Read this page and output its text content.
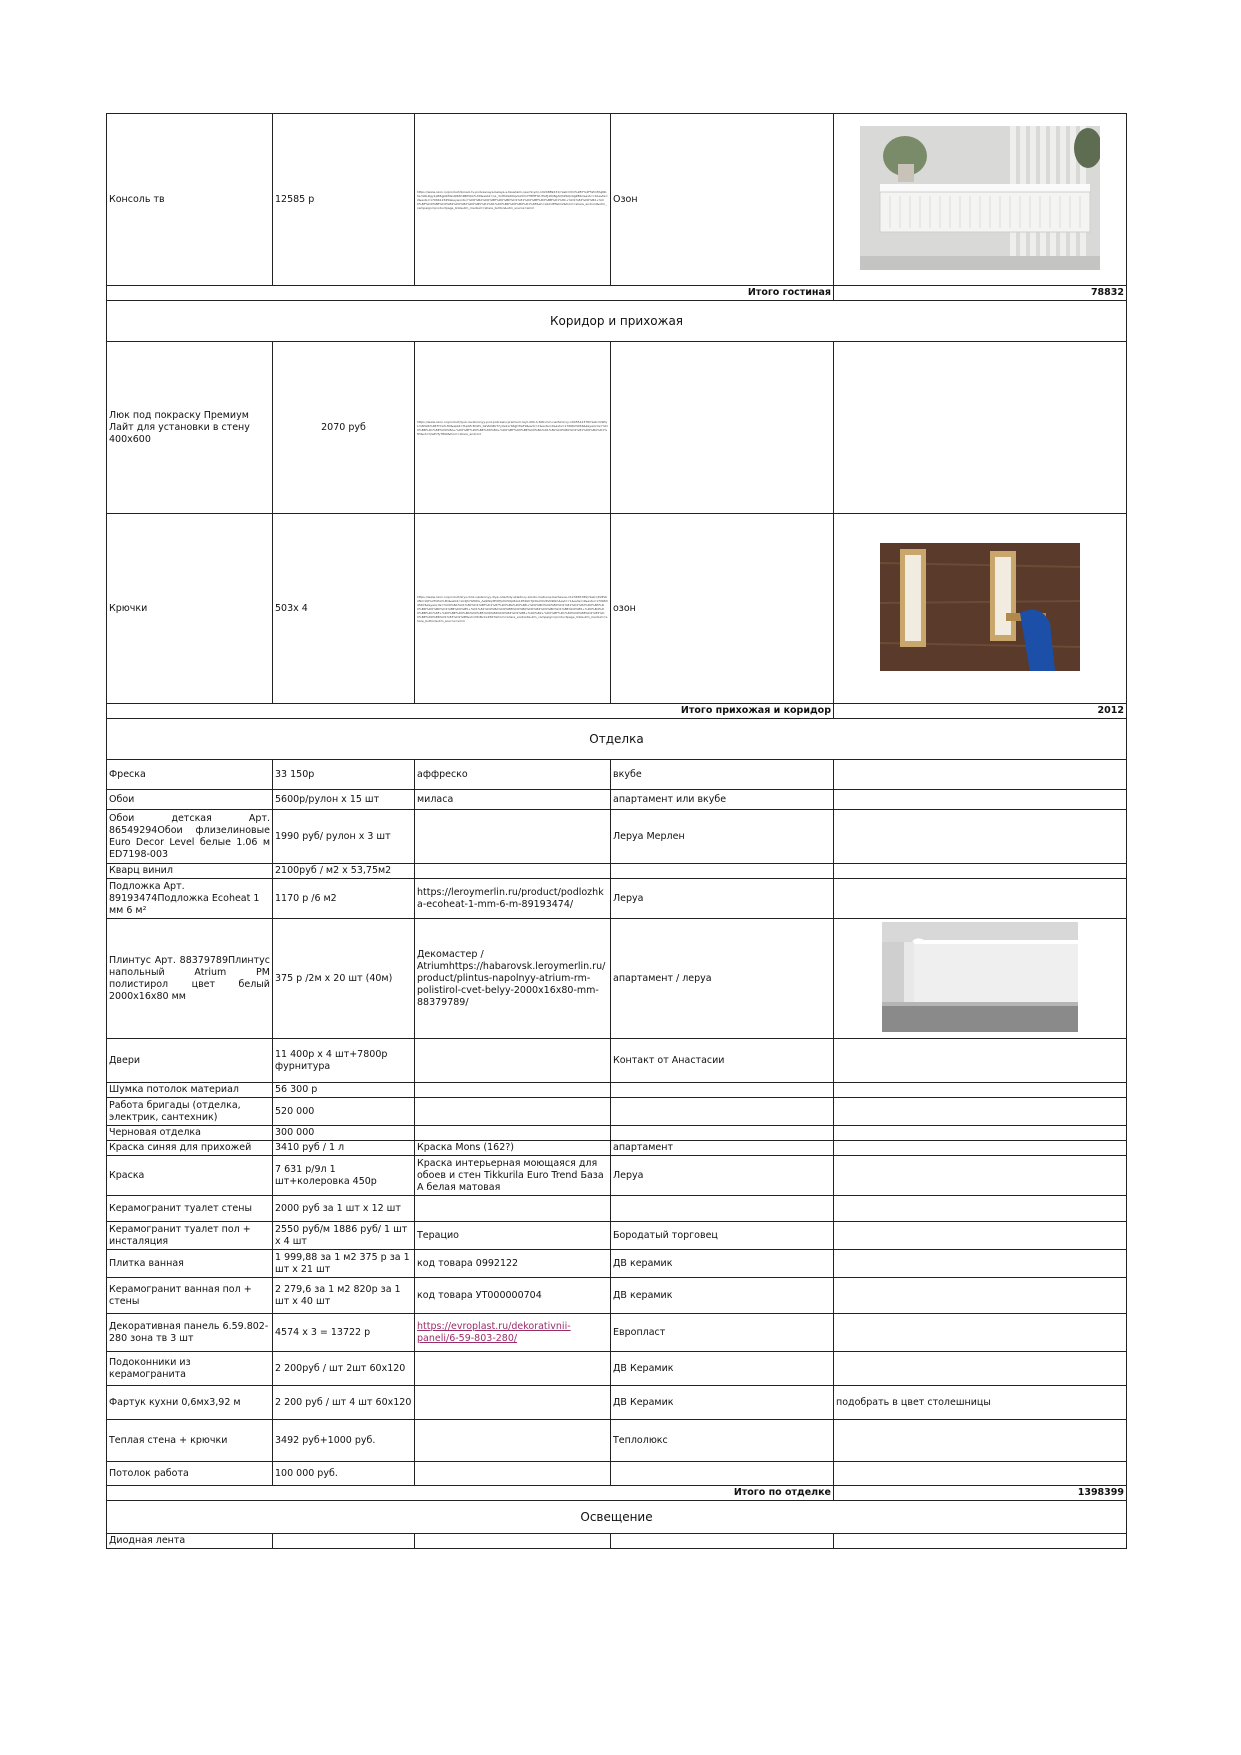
Консоль тв	12585 р	https://www.ozon.ru/product/konsol-tv-podvesnaya-belaya-s-fasadami-reechnymi-1024889231/?asb=Dm%2B7%2F5ZmFAqNbSLm0lLRgy1pB3gp6iMsxQ8ZC4BPVbk%3D&asb2=nL_3xHh0aD9qvG2Xm7HtHfHxU7kZJ1tQ8gAQhZbQx0gZ8Kc&avtc=1&avte=2&avts=1706612345&keywords=%D0%BA%D0%BE%D0%BD%D1%81%D0%BE%D0%BB%D1%8C+%D1%82%D0%B2+%D0%BF%D0%BE%D0%B4%D0%B2%D0%B5%D1%81%D0%BD%D0%B0%D1%8F&sh=AbCdEfGh12&from=share_android&utm_campaign=productpage_link&utm_medium=share_button&utm_source=smm	Озон	
Итого гостиная				78832
Коридор и прихожая				
Люк под покраску Премиум Лайт для установки в стену 400х600	2070 руб	https://www.ozon.ru/product/lyuk-revizionnyy-pod-pokrasku-premium-layt-400-h-600-mm-nazhimnoy-1045512378/?asb=k9PqLmN3xR%2B7tYw%3D&asb2=Hq2Zc8mPx_0aVbN4kT7yUe1LrS6gD3wF9&avtc=1&avte=2&avts=1706623456&keywords=%D0%BB%D1%8E%D0%BA+%D0%BF%D0%BE%D0%B4+%D0%BF%D0%BE%D0%BA%D1%80%D0%B0%D1%81%D0%BA%D1%83&sh=QwErTy7890&from=share_android		
Крючки	503х 4	https://www.ozon.ru/product/kryuchok-nastennyy-dlya-odezhdy-skladnoy-zoloto-matovoe-bezhevoe-1123456789/?asb=Zx8Vb2Nm1Ql%2FoPw%3D&asb2=Lk4Jh7Gf0Ds_Ae9Wq3Er6Ty2Ui5Op8As1Df4Gh7Jk0Lz3Xc6Vb9Nm&avtc=1&avte=4&avts=1706634567&keywords=%D0%BA%D1%80%D1%8E%D1%87%D0%BA%D0%B8+%D0%BD%D0%B0%D1%81%D1%82%D0%B5%D0%BD%D0%BD%D1%8B%D0%B5+%D1%81%D0%BA%D0%BB%D0%B0%D0%B4%D0%BD%D1%8B%D0%B5+%D0%B4%D0%BB%D1%8F+%D0%BE%D0%B4%D0%B5%D0%B6%D0%B4%D1%8B+%D0%B2+%D0%BF%D1%80%D0%B8%D1%85%D0%BE%D0%B6%D1%83%D1%8E&sh=MnBvCx4567&from=share_android&utm_campaign=productpage_link&utm_medium=share_button&utm_source=smm	озон	
Итого прихожая и коридор				2012
Отделка				
Фреска	33 150р	аффреско	вкубе	
Обои	5600р/рулон х 15 шт	милаcа	апартамент или вкубе	
Обои детская Арт. 86549294Обои флизелиновые Euro Decor Level белые 1.06 м ED7198-003	1990 руб/ рулон х 3 шт		Леруа Мерлен	
Кварц винил	2100руб / м2 х 53,75м2			
Подложка Арт. 89193474Подложка Ecoheat 1 мм 6 м²	1170 р /6 м2	https://leroymerlin.ru/product/podlozhka-ecoheat-1-mm-6-m-89193474/	Леруа	
Плинтус Арт. 88379789Плинтус напольный Atrium PM полистирол цвет белый 2000x16x80 мм	375 р /2м х 20 шт (40м)	Декомастер / Atriumhttps://habarovsk.leroymerlin.ru/product/plintus-napolnyy-atrium-rm-polistirol-cvet-belyy-2000x16x80-mm-88379789/	апартамент / леруа	
Двери	11 400р х 4 шт+7800р фурнитура		Контакт от Анастасии	
Шумка потолок материал	56 300 р			
Работа бригады (отделка, электрик, сантехник)	520 000			
Черновая отделка	300 000			
Краска синяя для прихожей	3410 руб / 1 л	Краска Mons (162?)	апартамент	
Краска	7 631 р/9л 1 шт+колеровка 450р	Краска интерьерная моющаяся для обоев и стен Tikkurila Euro Trend База А белая матовая	Леруа	
Керамогранит туалет стены	2000 руб за 1 шт х 12 шт			
Керамогранит туалет пол + инсталяция	2550 руб/м 1886 руб/ 1 шт х 4 шт	Терацио	Бородатый торговец	
Плитка ванная	1 999,88 за 1 м2 375 р за 1 шт х 21 шт	код товара 0992122	ДВ керамик	
Керамогранит ванная пол + стены	2 279,6 за 1 м2 820р за 1 шт х 40 шт	код товара УТ000000704	ДВ керамик	
Декоративная панель 6.59.802-280 зона тв 3 шт	4574 х 3 = 13722 р	https://evroplast.ru/dekorativnii-paneli/6-59-803-280/	Европласт	
Подоконники из керамогранита	2 200руб / шт 2шт 60х120		ДВ Керамик	
Фартук кухни 0,6мх3,92 м	2 200 руб / шт 4 шт 60х120		ДВ Керамик	подобрать в цвет столешницы
Теплая стена + крючки	3492 руб+1000 руб.		Теплолюкс	
Потолок работа	100 000 руб.			
Итого по отделке				1398399
Освещение				
Диодная лента				
